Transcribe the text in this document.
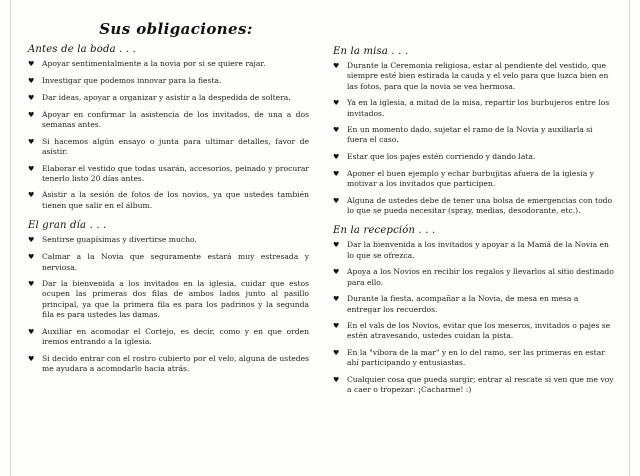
Sus obligaciones:
Antes de la boda . . .
♥	Apoyar sentimentalmente a la novia por si se quiere rajar.
♥	Investigar que podemos innovar para la fiesta.
♥	Dar ideas, apoyar a organizar y asistir a la despedida de soltera.
♥	Apoyar en confirmar la asistencia de los invitados, de una a dos semanas antes.
♥	Si hacemos algún ensayo o junta para ultimar detalles, favor de asistir.
♥	Elaborar el vestido que todas usarán, accesorios, peinado y procurar tenerlo listo 20 días antes.
♥	Asistir a la sesión de fotos de los novios, ya que ustedes también tienen que salir en el álbum.
El gran día . . .
♥	Sentirse guapísimas y divertirse mucho.
♥	Calmar a la Novia que seguramente estará muy estresada y nerviosa.
♥	Dar la bienvenida a los invitados en la iglesia, cuidar que estos ocupen las primeras dos filas de ambos lados junto al pasillo principal, ya que la primera fila es para los padrinos y la segunda fila es para ustedes las damas.
♥	Auxiliar en acomodar el Cortejo, es decir, como y en que orden iremos entrando a la iglesia.
♥	Si decido entrar con el rostro cubierto por el velo, alguna de ustedes me ayudara a acomodarlo hacia atrás.
En la misa . . .
♥	Durante la Ceremonia religiosa, estar al pendiente del vestido, que siempre esté bien estirada la cauda y el velo para que luzca bien en las fotos, para que la novia se vea hermosa.
♥	Ya en la iglesia, a mitad de la misa, repartir los burbujeros entre los invitados.
♥	En un momento dado, sujetar el ramo de la Novia y auxiliarla si fuera el caso.
♥	Estar que los pajes estén corriendo y dando lata.
♥	Aponer el buen ejemplo y echar burbujitas afuera de la iglesia y motivar a los invitados que participen.
♥	Alguna de ustedes debe de tener una bolsa de emergencias con todo lo que se pueda necesitar (spray, medias, desodorante, etc.).
En la recepción . . .
♥	Dar la bienvenida a los invitados y apoyar a la Mamá de la Novia en lo que se ofrezca.
♥	Apoya a los Novios en recibir los regalos y llevarlos al sitio destinado para ello.
♥	Durante la fiesta, acompañar a la Novia, de mesa en mesa a entregar los recuerdos.
♥	En el vals de los Novios, evitar que los meseros, invitados o pajes se estén atravesando, ustedes cuidan la pista.
♥	En la "víbora de la mar" y en lo del ramo, ser las primeras en estar ahí participando y entusiastas.
♥	Cualquier cosa que pueda surgir; entrar al rescate si ven que me voy a caer o tropezar: ¡Cacharme! :)
